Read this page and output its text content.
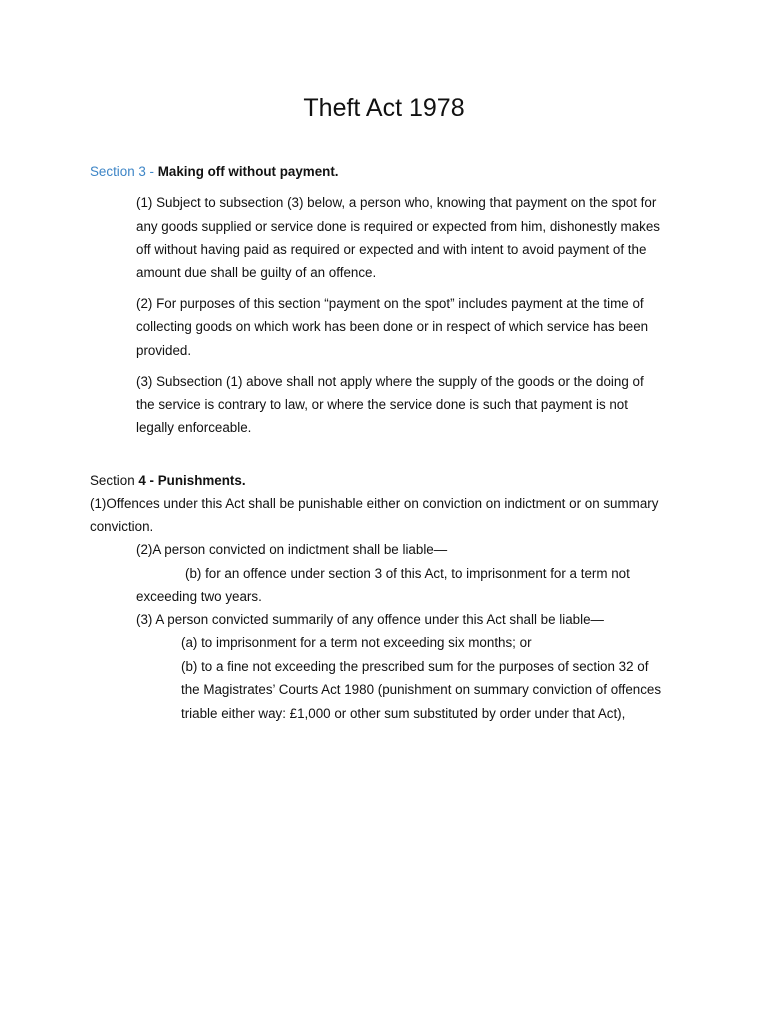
Theft Act 1978
Section 3 - Making off without payment.
(1) Subject to subsection (3) below, a person who, knowing that payment on the spot for
any goods supplied or service done is required or expected from him, dishonestly makes
off without having paid as required or expected and with intent to avoid payment of the
amount due shall be guilty of an offence.
(2) For purposes of this section “payment on the spot” includes payment at the time of
collecting goods on which work has been done or in respect of which service has been
provided.
(3) Subsection (1) above shall not apply where the supply of the goods or the doing of
the service is contrary to law, or where the service done is such that payment is not
legally enforceable.
Section 4 - Punishments.
(1)Offences under this Act shall be punishable either on conviction on indictment or on summary
conviction.
(2)A person convicted on indictment shall be liable—
(b) for an offence under section 3 of this Act, to imprisonment for a term not
exceeding two years.
(3) A person convicted summarily of any offence under this Act shall be liable—
(a) to imprisonment for a term not exceeding six months; or
(b) to a fine not exceeding the prescribed sum for the purposes of section 32 of
the Magistrates’ Courts Act 1980 (punishment on summary conviction of offences
triable either way: £1,000 or other sum substituted by order under that Act),
